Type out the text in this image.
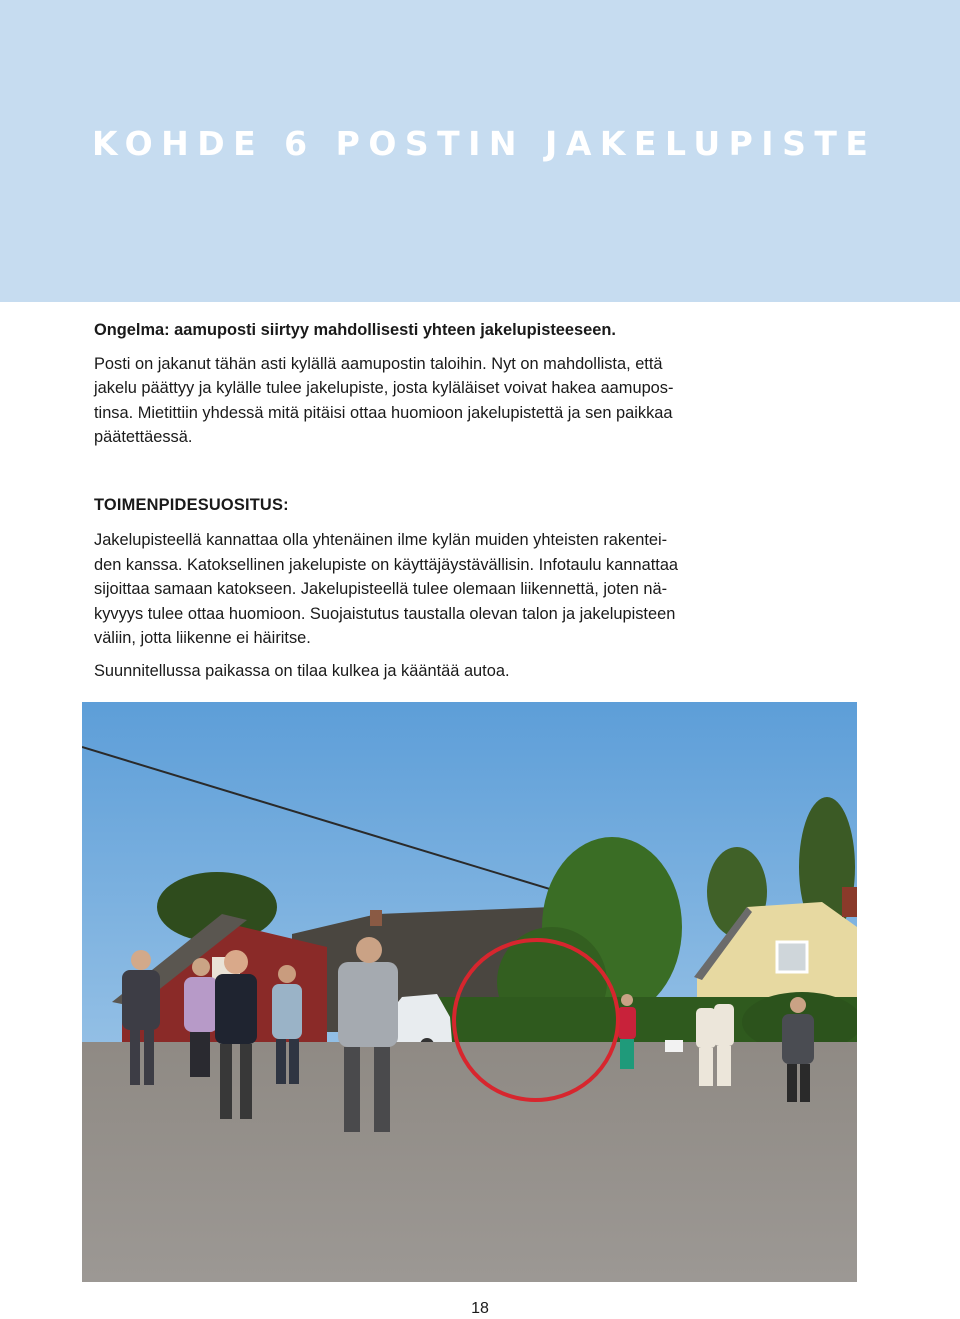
KOHDE 6 POSTIN JAKELUPISTE

Ongelma: aamuposti siirtyy mahdollisesti yhteen jakelupisteeseen.

Posti on jakanut tähän asti kylällä aamupostin taloihin. Nyt on mahdollista, että

jakelu päättyy ja kylälle tulee jakelupiste, josta kyläläiset voivat hakea aamupos-

tinsa. Mietittiin yhdessä mitä pitäisi ottaa huomioon jakelupistettä ja sen paikkaa

päätettäessä.

TOIMENPIDESUOSITUS:

Jakelupisteellä kannattaa olla yhtenäinen ilme kylän muiden yhteisten rakentei-

den kanssa. Katoksellinen jakelupiste on käyttäjäystävällisin. Infotaulu kannattaa

sijoittaa samaan katokseen. Jakelupisteellä tulee olemaan liikennettä, joten nä-

kyvyys tulee ottaa huomioon. Suojaistutus taustalla olevan talon ja jakelupisteen

väliin, jotta liikenne ei häiritse.

Suunnitellussa paikassa on tilaa kulkea ja kääntää autoa.

18
